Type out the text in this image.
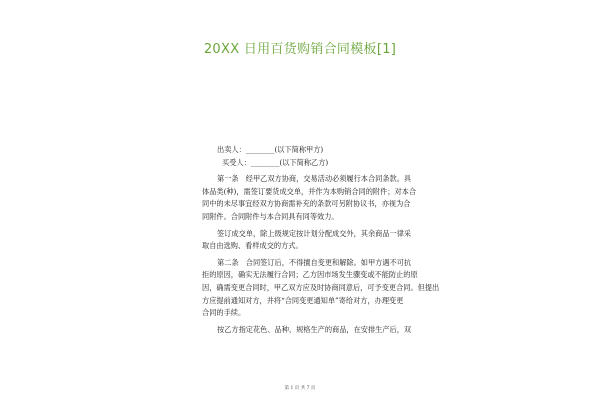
20XX 日用百货购销合同模板[1]
出卖人：________(以下简称甲方)
买受人：________(以下简称乙方)
第一条　经甲乙双方协商，交易活动必须履行本合同条款。具
体品类(种)，需签订要货成交单，并作为本购销合同的附件；对本合
同中的未尽事宜经双方协商需补充的条款可另附协议书，亦视为合
同附件。合同附件与本合同具有同等效力。
签订成交单，除上级规定按计划分配成交外，其余商品一律采
取自由选购、看样成交的方式。
第二条　合同签订后，不得擅自变更和解除。如甲方遇不可抗
拒的原因，确实无法履行合同；乙方因市场发生骤变或不能防止的原
因，确需变更合同时，甲乙双方应及时协商同意后，可予变更合同。但提出
方应提前通知对方，并将“合同变更通知单”寄给对方，办理变更
合同的手续。
按乙方指定花色、品种、规格生产的商品，在安排生产后，双
第 1 页 共 7 页
